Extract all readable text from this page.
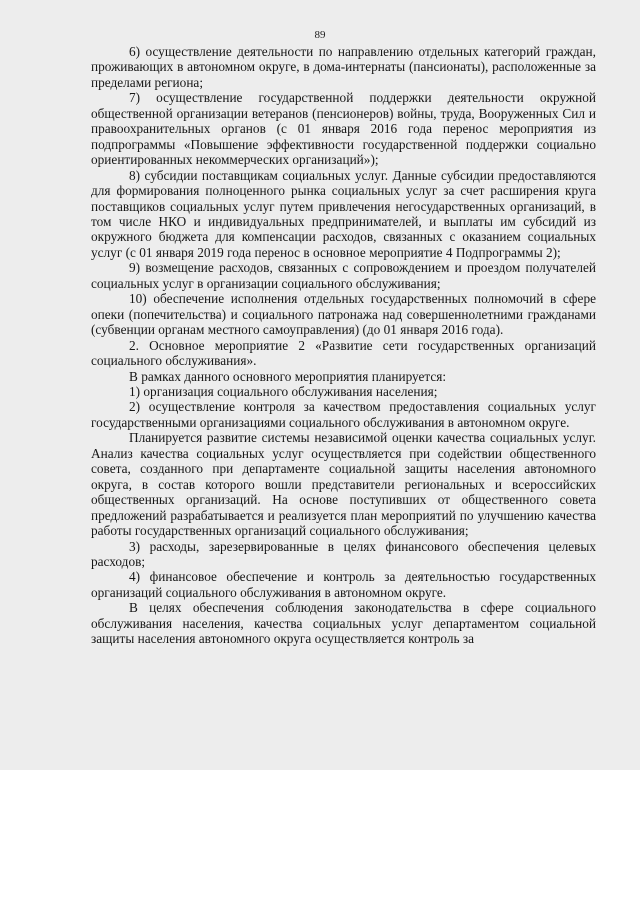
89

6) осуществление деятельности по направлению отдельных категорий граждан, проживающих в автономном округе, в дома-интернаты (пансионаты), расположенные за пределами региона;

7) осуществление государственной поддержки деятельности окружной общественной организации ветеранов (пенсионеров) войны, труда, Вооруженных Сил и правоохранительных органов (с 01 января 2016 года перенос мероприятия из подпрограммы «Повышение эффективности государственной поддержки социально ориентированных некоммерческих организаций»);

8) субсидии поставщикам социальных услуг. Данные субсидии предоставляются для формирования полноценного рынка социальных услуг за счет расширения круга поставщиков социальных услуг путем привлечения негосударственных организаций, в том числе НКО и индивидуальных предпринимателей, и выплаты им субсидий из окружного бюджета для компенсации расходов, связанных с оказанием социальных услуг (с 01 января 2019 года перенос в основное мероприятие 4 Подпрограммы 2);

9) возмещение расходов, связанных с сопровождением и проездом получателей социальных услуг в организации социального обслуживания;

10) обеспечение исполнения отдельных государственных полномочий в сфере опеки (попечительства) и социального патронажа над совершеннолетними гражданами (субвенции органам местного самоуправления) (до 01 января 2016 года).

2. Основное мероприятие 2 «Развитие сети государственных организаций социального обслуживания».

В рамках данного основного мероприятия планируется:

1) организация социального обслуживания населения;

2) осуществление контроля за качеством предоставления социальных услуг государственными организациями социального обслуживания в автономном округе.

Планируется развитие системы независимой оценки качества социальных услуг. Анализ качества социальных услуг осуществляется при содействии общественного совета, созданного при департаменте социальной защиты населения автономного округа, в состав которого вошли представители региональных и всероссийских общественных организаций. На основе поступивших от общественного совета предложений разрабатывается и реализуется план мероприятий по улучшению качества работы государственных организаций социального обслуживания;

3) расходы, зарезервированные в целях финансового обеспечения целевых расходов;

4) финансовое обеспечение и контроль за деятельностью государственных организаций социального обслуживания в автономном округе.

В целях обеспечения соблюдения законодательства в сфере социального обслуживания населения, качества социальных услуг департаментом социальной защиты населения автономного округа осуществляется контроль за
